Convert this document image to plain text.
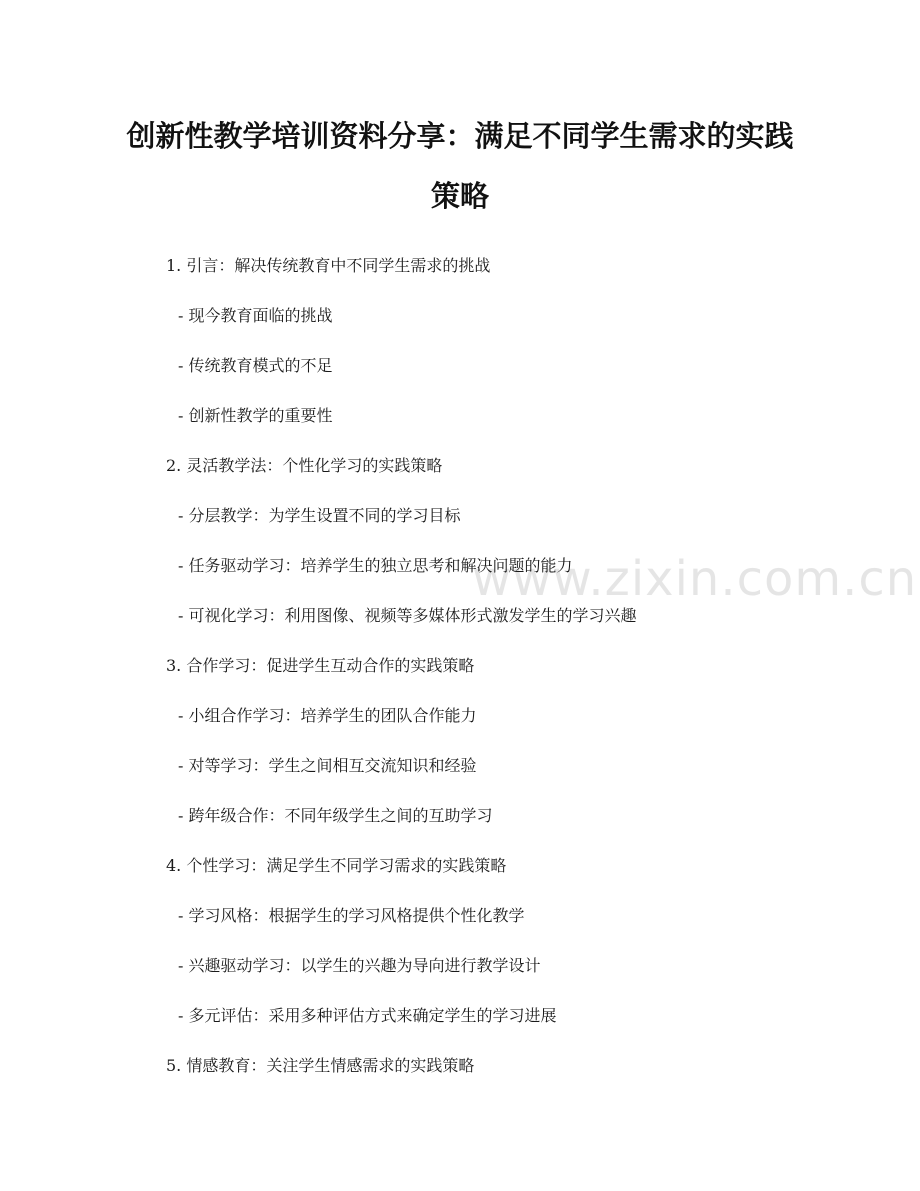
创新性教学培训资料分享：满足不同学生需求的实践策略
www.zixin.com.cn
1. 引言：解决传统教育中不同学生需求的挑战
- 现今教育面临的挑战
- 传统教育模式的不足
- 创新性教学的重要性
2. 灵活教学法：个性化学习的实践策略
- 分层教学：为学生设置不同的学习目标
- 任务驱动学习：培养学生的独立思考和解决问题的能力
- 可视化学习：利用图像、视频等多媒体形式激发学生的学习兴趣
3. 合作学习：促进学生互动合作的实践策略
- 小组合作学习：培养学生的团队合作能力
- 对等学习：学生之间相互交流知识和经验
- 跨年级合作：不同年级学生之间的互助学习
4. 个性学习：满足学生不同学习需求的实践策略
- 学习风格：根据学生的学习风格提供个性化教学
- 兴趣驱动学习：以学生的兴趣为导向进行教学设计
- 多元评估：采用多种评估方式来确定学生的学习进展
5. 情感教育：关注学生情感需求的实践策略
